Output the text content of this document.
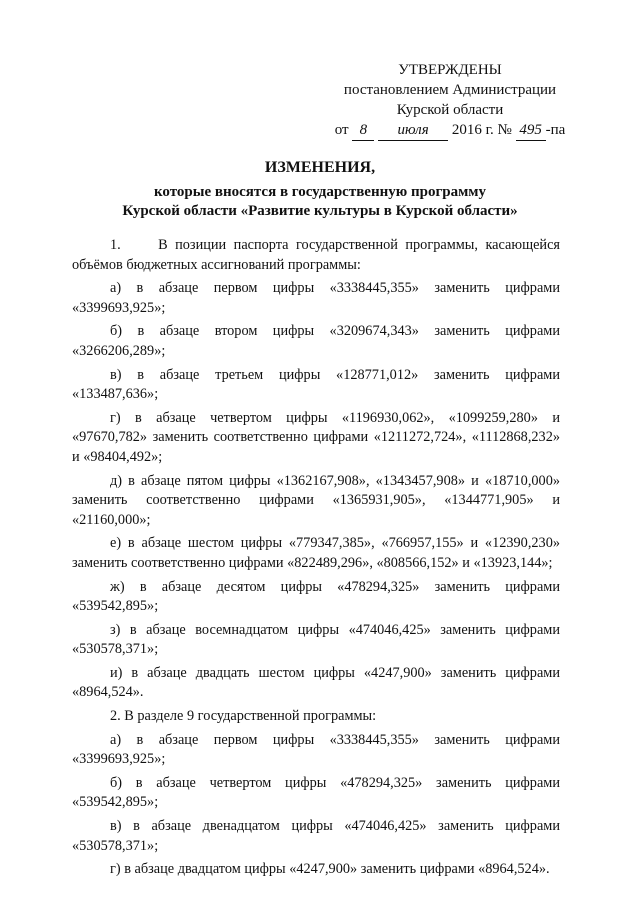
УТВЕРЖДЕНЫ
постановлением Администрации
Курской области
от 8 июля 2016 г. № 495 -па
ИЗМЕНЕНИЯ,
которые вносятся в государственную программу
Курской области «Развитие культуры в Курской области»

1.     В позиции паспорта государственной программы, касающейся объёмов бюджетных ассигнований программы:

а) в абзаце первом цифры «3338445,355» заменить цифрами «3399693,925»;

б) в абзаце втором цифры «3209674,343» заменить цифрами «3266206,289»;

в) в абзаце третьем цифры «128771,012» заменить цифрами «133487,636»;

г) в абзаце четвертом цифры «1196930,062», «1099259,280» и «97670,782» заменить соответственно цифрами «1211272,724», «1112868,232» и «98404,492»;

д) в абзаце пятом цифры «1362167,908», «1343457,908» и «18710,000» заменить соответственно цифрами «1365931,905», «1344771,905» и «21160,000»;

е) в абзаце шестом цифры «779347,385», «766957,155» и «12390,230» заменить соответственно цифрами «822489,296», «808566,152» и «13923,144»;

ж) в абзаце десятом цифры «478294,325» заменить цифрами «539542,895»;

з) в абзаце восемнадцатом цифры «474046,425» заменить цифрами «530578,371»;

и) в абзаце двадцать шестом цифры «4247,900» заменить цифрами «8964,524».

2. В разделе 9 государственной программы:

а) в абзаце первом цифры «3338445,355» заменить цифрами «3399693,925»;

б) в абзаце четвертом цифры «478294,325» заменить цифрами «539542,895»;

в) в абзаце двенадцатом цифры «474046,425» заменить цифрами «530578,371»;

г) в абзаце двадцатом цифры «4247,900» заменить цифрами «8964,524».
